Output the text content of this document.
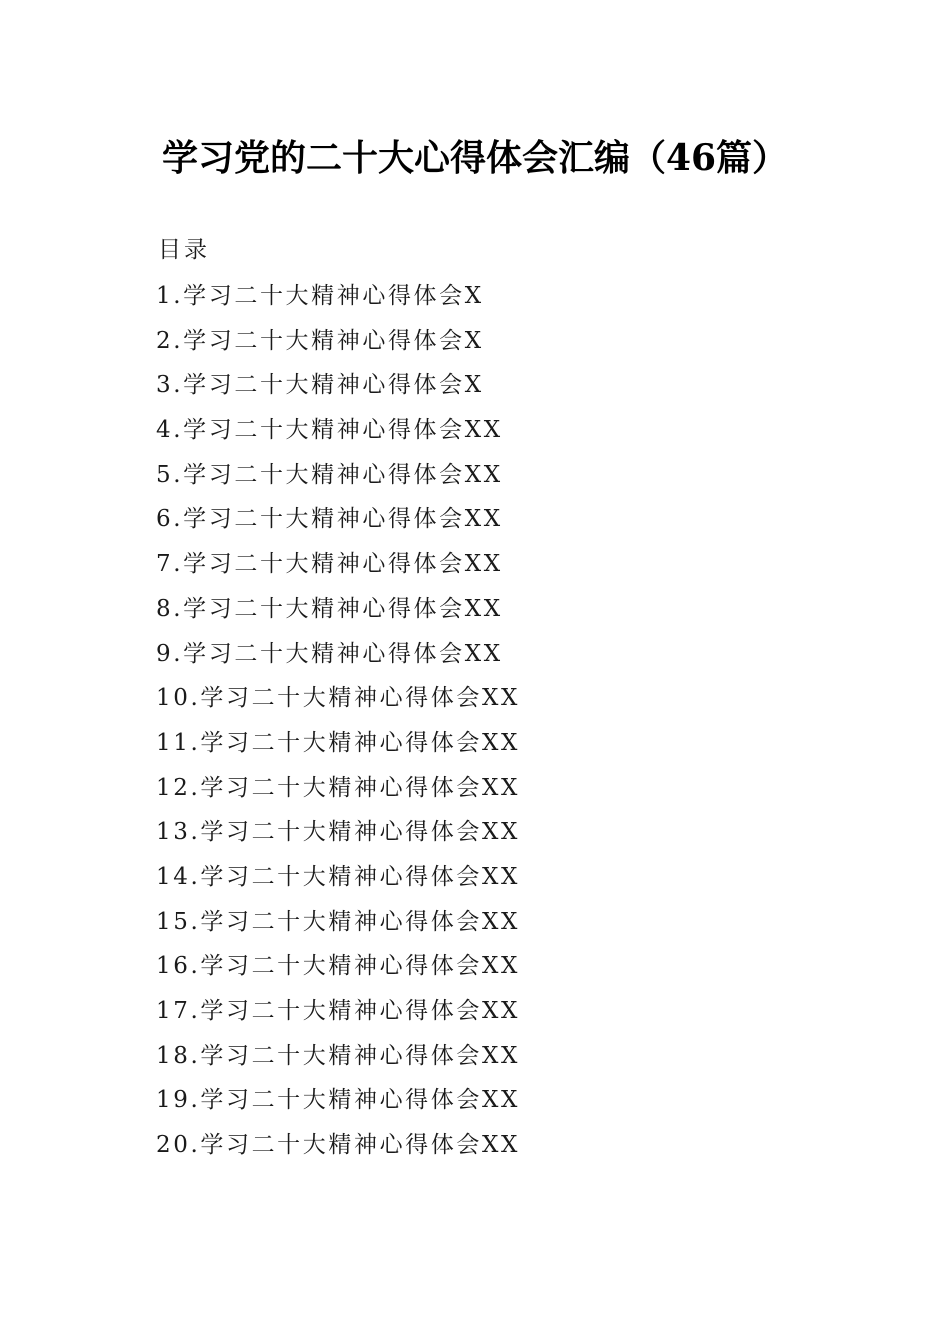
学习党的二十大心得体会汇编（46篇）
目录
1.学习二十大精神心得体会X
2.学习二十大精神心得体会X
3.学习二十大精神心得体会X
4.学习二十大精神心得体会XX
5.学习二十大精神心得体会XX
6.学习二十大精神心得体会XX
7.学习二十大精神心得体会XX
8.学习二十大精神心得体会XX
9.学习二十大精神心得体会XX
10.学习二十大精神心得体会XX
11.学习二十大精神心得体会XX
12.学习二十大精神心得体会XX
13.学习二十大精神心得体会XX
14.学习二十大精神心得体会XX
15.学习二十大精神心得体会XX
16.学习二十大精神心得体会XX
17.学习二十大精神心得体会XX
18.学习二十大精神心得体会XX
19.学习二十大精神心得体会XX
20.学习二十大精神心得体会XX
